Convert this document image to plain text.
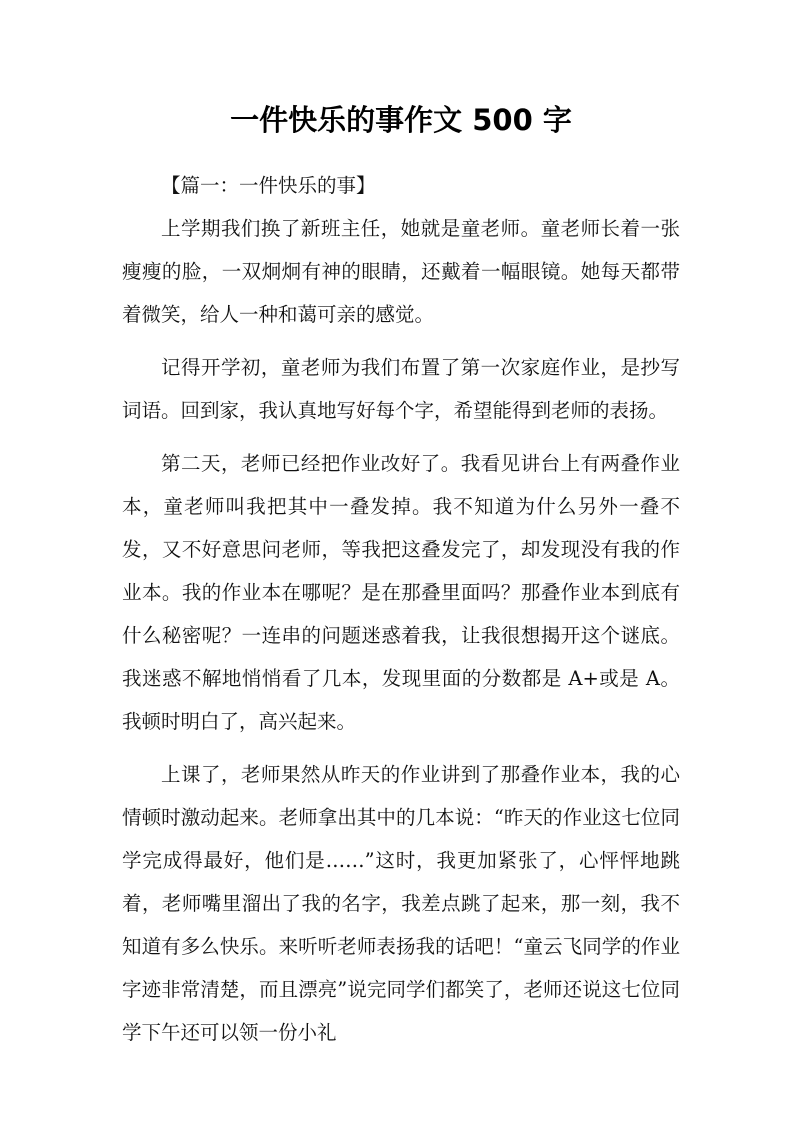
一件快乐的事作文 500 字
【篇一：一件快乐的事】

上学期我们换了新班主任，她就是童老师。童老师长着一张瘦瘦的脸，一双炯炯有神的眼睛，还戴着一幅眼镜。她每天都带着微笑，给人一种和蔼可亲的感觉。

记得开学初，童老师为我们布置了第一次家庭作业，是抄写词语。回到家，我认真地写好每个字，希望能得到老师的表扬。

第二天，老师已经把作业改好了。我看见讲台上有两叠作业本，童老师叫我把其中一叠发掉。我不知道为什么另外一叠不发，又不好意思问老师，等我把这叠发完了，却发现没有我的作业本。我的作业本在哪呢？是在那叠里面吗？那叠作业本到底有什么秘密呢？一连串的问题迷惑着我，让我很想揭开这个谜底。我迷惑不解地悄悄看了几本，发现里面的分数都是 A+或是 A。我顿时明白了，高兴起来。

上课了，老师果然从昨天的作业讲到了那叠作业本，我的心情顿时激动起来。老师拿出其中的几本说：“昨天的作业这七位同学完成得最好，他们是……”这时，我更加紧张了，心怦怦地跳着，老师嘴里溜出了我的名字，我差点跳了起来，那一刻，我不知道有多么快乐。来听听老师表扬我的话吧！“童云飞同学的作业字迹非常清楚，而且漂亮”说完同学们都笑了，老师还说这七位同学下午还可以领一份小礼
